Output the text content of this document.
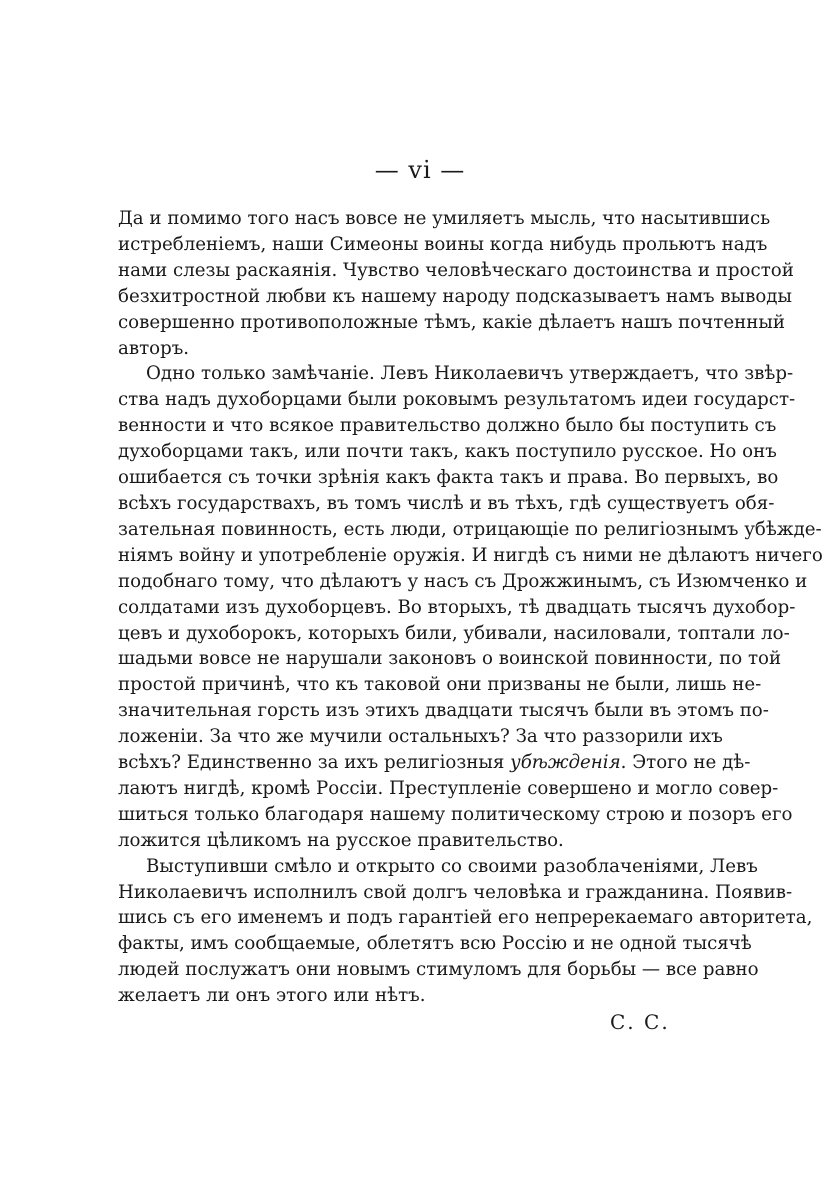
— vi —

Да и помимо того насъ вовсе не умиляетъ мысль, что насытившись
истребленіемъ, наши Симеоны воины когда нибудь прольютъ надъ
нами слезы раскаянія. Чувство человѣческаго достоинства и простой
безхитростной любви къ нашему народу подсказываетъ намъ выводы
совершенно противоположные тѣмъ, какіе дѣлаетъ нашъ почтенный
авторъ.

Одно только замѣчаніе. Левъ Николаевичъ утверждаетъ, что звѣр-
ства надъ духоборцами были роковымъ результатомъ идеи государст-
венности и что всякое правительство должно было бы поступить съ
духоборцами такъ, или почти такъ, какъ поступило русское. Но онъ
ошибается съ точки зрѣнія какъ факта такъ и права. Во первыхъ, во
всѣхъ государствахъ, въ томъ числѣ и въ тѣхъ, гдѣ существуетъ обя-
зательная повинность, есть люди, отрицающіе по религіознымъ убѣжде-
ніямъ войну и употребленіе оружія. И нигдѣ съ ними не дѣлаютъ ничего
подобнаго тому, что дѣлаютъ у насъ съ Дрожжинымъ, съ Изюмченко и
солдатами изъ духоборцевъ. Во вторыхъ, тѣ двадцать тысячъ духобор-
цевъ и духоборокъ, которыхъ били, убивали, насиловали, топтали ло-
шадьми вовсе не нарушали законовъ о воинской повинности, по той
простой причинѣ, что къ таковой они призваны не были, лишь не-
значительная горсть изъ этихъ двадцати тысячъ были въ этомъ по-
ложеніи. За что же мучили остальныхъ? За что раззорили ихъ
всѣхъ? Единственно за ихъ религіозныя убѣжденія. Этого не дѣ-
лаютъ нигдѣ, кромѣ Россіи. Преступленіе совершено и могло совер-
шиться только благодаря нашему политическому строю и позоръ его
ложится цѣликомъ на русское правительство.

Выступивши смѣло и открыто со своими разоблаченіями, Левъ
Николаевичъ исполнилъ свой долгъ человѣка и гражданина. Появив-
шись съ его именемъ и подъ гарантіей его непререкаемаго авторитета,
факты, имъ сообщаемые, облетятъ всю Россію и не одной тысячѣ
людей послужатъ они новымъ стимуломъ для борьбы — все равно
желаетъ ли онъ этого или нѣтъ.

С. С.
